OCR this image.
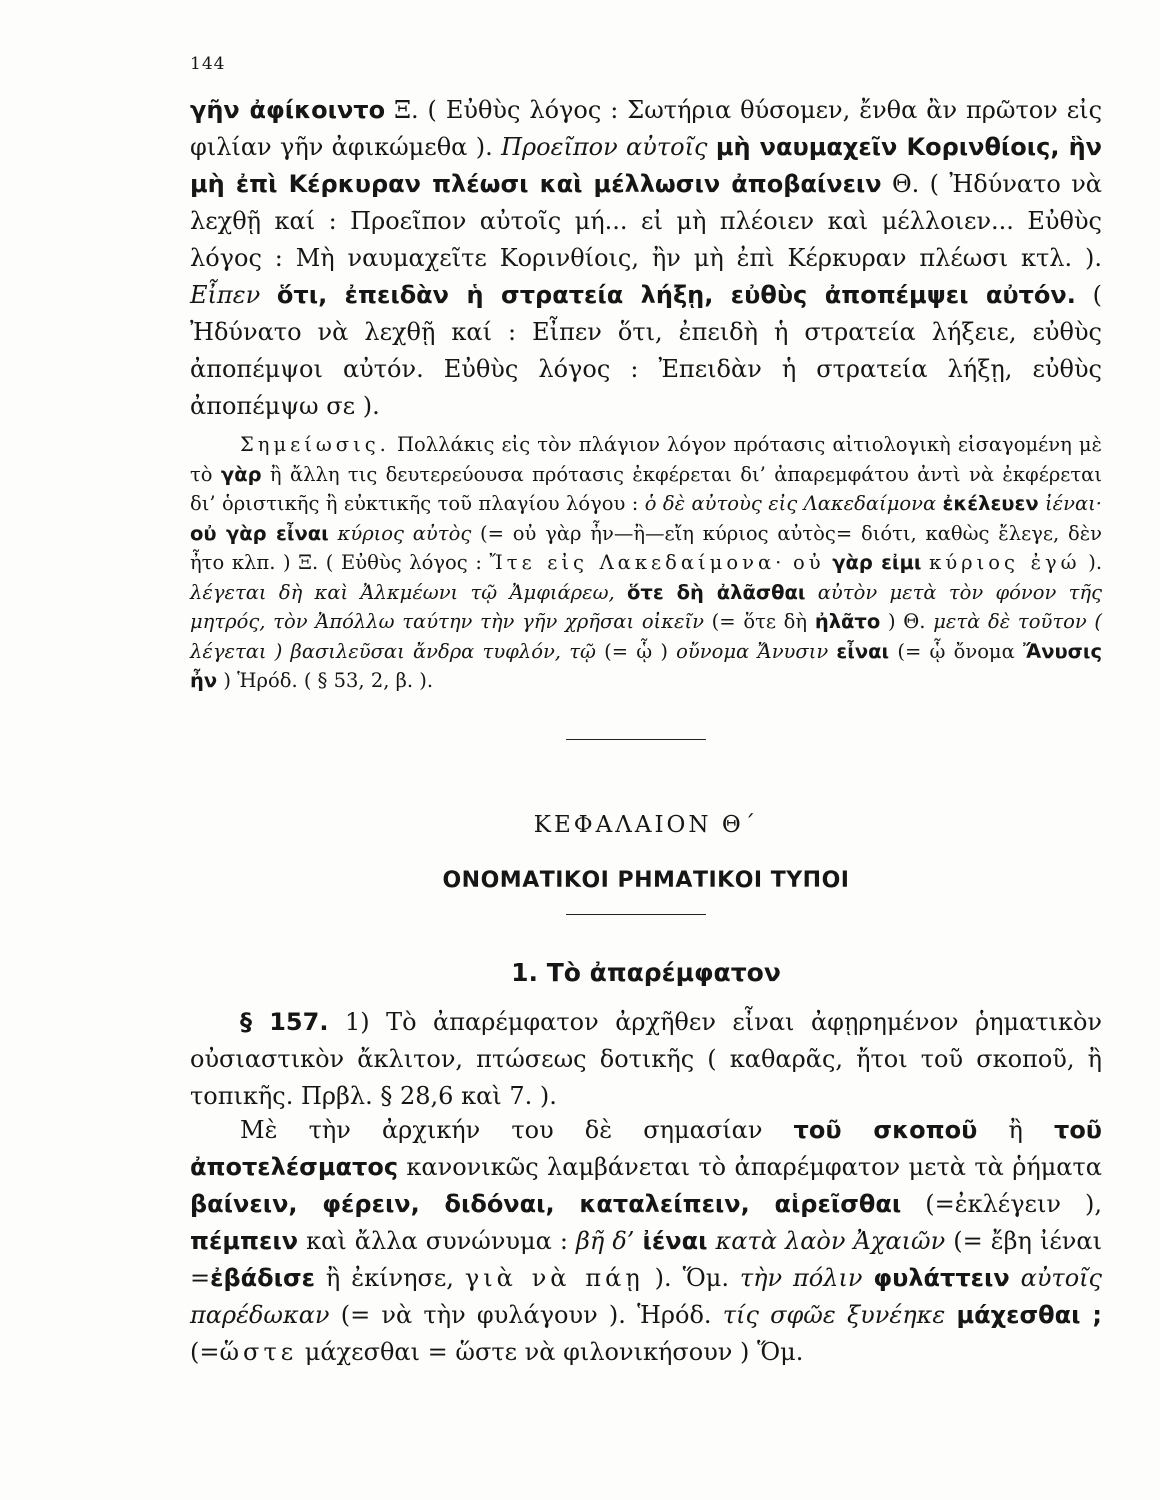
144
γῆν ἀφίκοιντο Ξ. ( Εὐθὺς λόγος : Σωτήρια θύσομεν, ἔνθα ἂν πρῶτον εἰς φιλίαν γῆν ἀφικώμεθα ). Προεῖπον αὐτοῖς μὴ ναυμαχεῖν Κορινθίοις, ἣν μὴ ἐπὶ Κέρκυραν πλέωσι καὶ μέλλωσιν ἀποβαίνειν Θ. ( Ἠδύνατο νὰ λεχθῇ καί : Προεῖπον αὐτοῖς μή... εἰ μὴ πλέοιεν καὶ μέλλοιεν... Εὐθὺς λόγος : Μὴ ναυμαχεῖτε Κορινθίοις, ἢν μὴ ἐπὶ Κέρκυραν πλέωσι κτλ. ). Εἶπεν ὅτι, ἐπειδὰν ἡ στρατεία λήξῃ, εὐθὺς ἀποπέμψει αὐτόν. ( Ἠδύνατο νὰ λεχθῇ καί : Εἶπεν ὅτι, ἐπειδὴ ἡ στρατεία λήξειε, εὐθὺς ἀποπέμψοι αὐτόν. Εὐθὺς λόγος : Ἐπειδὰν ἡ στρατεία λήξῃ, εὐθὺς ἀποπέμψω σε ).
Σημείωσις. Πολλάκις εἰς τὸν πλάγιον λόγον πρότασις αἰτιολογικὴ εἰσαγομένη μὲ τὸ γὰρ ἢ ἄλλη τις δευτερεύουσα πρότασις ἐκφέρεται δι’ ἀπαρεμφάτου ἀντὶ νὰ ἐκφέρεται δι’ ὁριστικῆς ἢ εὐκτικῆς τοῦ πλαγίου λόγου : ὁ δὲ αὐτοὺς εἰς Λακεδαίμονα ἐκέλευεν ἰέναι· οὐ γὰρ εἶναι κύριος αὐτὸς (= οὐ γὰρ ἦν—ἢ—εἴη κύριος αὐτὸς= διότι, καθὼς ἔλεγε, δὲν ἦτο κλπ. ) Ξ. ( Εὐθὺς λόγος : Ἴτε εἰς Λακεδαίμονα· οὐ γὰρ εἰμι κύριος ἐγώ ). λέγεται δὴ καὶ Ἀλκμέωνι τῷ Ἀμφιάρεω, ὅτε δὴ ἀλᾶσθαι αὐτὸν μετὰ τὸν φόνον τῆς μητρός, τὸν Ἀπόλλω ταύτην τὴν γῆν χρῆσαι οἰκεῖν (= ὅτε δὴ ἠλᾶτο ) Θ. μετὰ δὲ τοῦτον ( λέγεται ) βασιλεῦσαι ἄνδρα τυφλόν, τῷ (= ᾧ ) οὔνομα Ἄνυσιν εἶναι (= ᾧ ὄνομα Ἄνυσις ἦν ) Ἡρόδ. ( § 53, 2, β. ).
ΚΕΦΑΛΑΙΟΝ Θ΄
ΟΝΟΜΑΤΙΚΟΙ ΡΗΜΑΤΙΚΟΙ ΤΥΠΟΙ
1. Τὸ ἀπαρέμφατον
§ 157. 1) Τὸ ἀπαρέμφατον ἀρχῆθεν εἶναι ἀφῃρημένον ῥηματικὸν οὐσιαστικὸν ἄκλιτον, πτώσεως δοτικῆς ( καθαρᾶς, ἤτοι τοῦ σκοποῦ, ἢ τοπικῆς. Πρβλ. § 28,6 καὶ 7. ).
Μὲ τὴν ἀρχικήν του δὲ σημασίαν τοῦ σκοποῦ ἢ τοῦ ἀποτελέσματος κανονικῶς λαμβάνεται τὸ ἀπαρέμφατον μετὰ τὰ ῥήματα βαίνειν, φέρειν, διδόναι, καταλείπειν, αἱρεῖσθαι (=ἐκλέγειν ), πέμπειν καὶ ἄλλα συνώνυμα : βῆ δ’ ἰέναι κατὰ λαὸν Ἀχαιῶν (= ἔβη ἰέναι =ἐβάδισε ἢ ἐκίνησε, γιὰ νὰ πάῃ ). Ὅμ. τὴν πόλιν φυλάττειν αὐτοῖς παρέδωκαν (= νὰ τὴν φυλάγουν ). Ἡρόδ. τίς σφῶε ξυνέηκε μάχεσθαι ; (=ὥστε μάχεσθαι = ὥστε νὰ φιλονικήσουν ) Ὅμ.
